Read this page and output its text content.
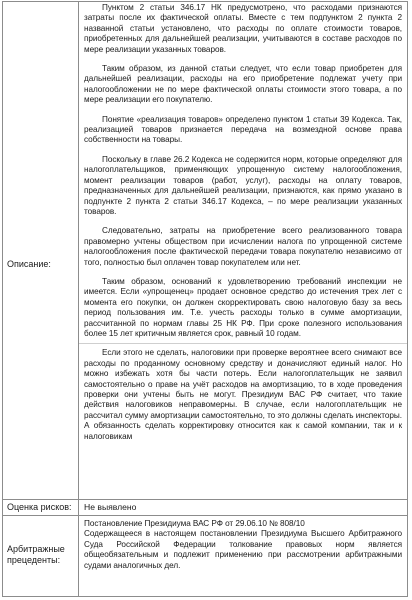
Описание:

Пунктом 2 статьи 346.17 НК предусмотрено, что расходами признаются затраты после их фактической оплаты. Вместе с тем подпунктом 2 пункта 2 названной статьи установлено, что расходы по оплате стоимости товаров, приобретенных для дальнейшей реализации, учитываются в составе расходов по мере реализации указанных товаров.

Таким образом, из данной статьи следует, что если товар приобретен для дальнейшей реализации, расходы на его приобретение подлежат учету при налогообложении не по мере фактической оплаты стоимости этого товара, а по мере реализации его покупателю.

Понятие «реализация товаров» определено пунктом 1 статьи 39 Кодекса. Так, реализацией товаров признается передача на возмездной основе права собственности на товары.

Поскольку в главе 26.2 Кодекса не содержится норм, которые определяют для налогоплательщиков, применяющих упрощенную систему налогообложения, момент реализации товаров (работ, услуг), расходы на оплату товаров, предназначенных для дальнейшей реализации, признаются, как прямо указано в подпункте 2 пункта 2 статьи 346.17 Кодекса, – по мере реализации указанных товаров.

Следовательно, затраты на приобретение всего реализованного товара правомерно учтены обществом при исчислении налога по упрощенной системе налогообложения после фактической передачи товара покупателю независимо от того, полностью был оплачен товар покупателем или нет.

Таким образом, оснований к удовлетворению требований инспекции не имеется. Если «упрощенец» продает основное средство до истечения трех лет с момента его покупки, он должен скорректировать свою налоговую базу за весь период пользования им. Т.е. учесть расходы только в сумме амортизации, рассчитанной по нормам главы 25 НК РФ. При сроке полезного использования более 15 лет критичным является срок, равный 10 годам.

Если этого не сделать, налоговики при проверке вероятнее всего снимают все расходы по проданному основному средству и доначисляют единый налог. Но можно избежать хотя бы части потерь. Если налогоплательщик не заявил самостоятельно о праве на учёт расходов на амортизацию, то в ходе проведения проверки они учтены быть не могут. Президиум ВАС РФ считает, что такие действия налоговиков неправомерны. В случае, если налогоплательщик не рассчитал сумму амортизации самостоятельно, то это должны сделать инспекторы. А обязанность сделать корректировку относится как к самой компании, так и к налоговикам

Оценка рисков:	Не выявлено
Арбитражные прецеденты:

Постановление Президиума ВАС РФ от 29.06.10 № 808/10

Содержащееся в настоящем постановлении Президиума Высшего Арбитражного Суда Российской Федерации толкование правовых норм является общеобязательным и подлежит применению при рассмотрении арбитражными судами аналогичных дел.
